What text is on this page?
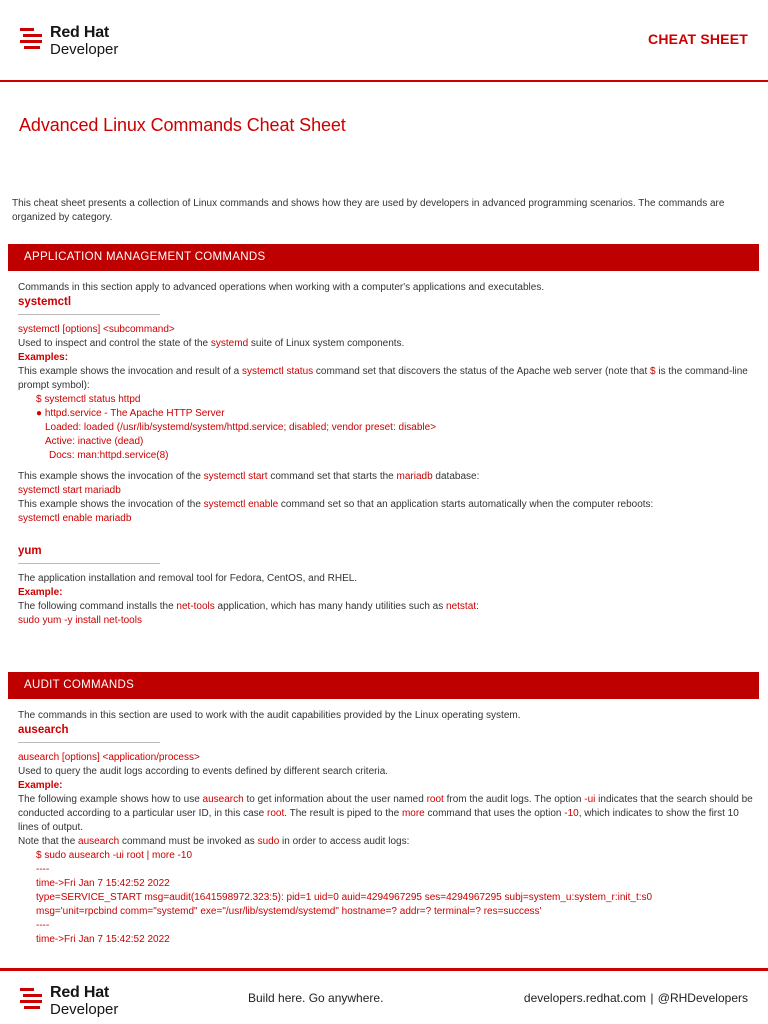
Red Hat
Developer
CHEAT SHEET
Advanced Linux Commands Cheat Sheet
This cheat sheet presents a collection of Linux commands and shows how they are used by developers in advanced programming scenarios. The commands are organized by category.
APPLICATION MANAGEMENT COMMANDS
Commands in this section apply to advanced operations when working with a computer's applications and executables.
systemctl
systemctl [options] <subcommand>
Used to inspect and control the state of the systemd suite of Linux system components.
Examples:
This example shows the invocation and result of a systemctl status command set that discovers the status of the Apache web server (note that $ is the command-line prompt symbol):
$ systemctl status httpd
● httpd.service - The Apache HTTP Server
Loaded: loaded (/usr/lib/systemd/system/httpd.service; disabled; vendor preset: disable>
Active: inactive (dead)
Docs: man:httpd.service(8)
This example shows the invocation of the systemctl start command set that starts the mariadb database:
systemctl start mariadb
This example shows the invocation of the systemctl enable command set so that an application starts automatically when the computer reboots:
systemctl enable mariadb
yum
The application installation and removal tool for Fedora, CentOS, and RHEL.
Example:
The following command installs the net-tools application, which has many handy utilities such as netstat:
sudo yum -y install net-tools
AUDIT COMMANDS
The commands in this section are used to work with the audit capabilities provided by the Linux operating system.
ausearch
ausearch [options] <application/process>
Used to query the audit logs according to events defined by different search criteria.
Example:
The following example shows how to use ausearch to get information about the user named root from the audit logs. The option -ui indicates that the search should be conducted according to a particular user ID, in this case root. The result is piped to the more command that uses the option -10, which indicates to show the first 10 lines of output.
Note that the ausearch command must be invoked as sudo in order to access audit logs:
$ sudo ausearch -ui root | more -10
----
time->Fri Jan 7 15:42:52 2022
type=SERVICE_START msg=audit(1641598972.323:5): pid=1 uid=0 auid=4294967295 ses=4294967295 subj=system_u:system_r:init_t:s0
msg='unit=rpcbind comm="systemd" exe="/usr/lib/systemd/systemd" hostname=? addr=? terminal=? res=success'
----
time->Fri Jan 7 15:42:52 2022
Red Hat
Developer
Build here. Go anywhere.	developers.redhat.com | @RHDevelopers
